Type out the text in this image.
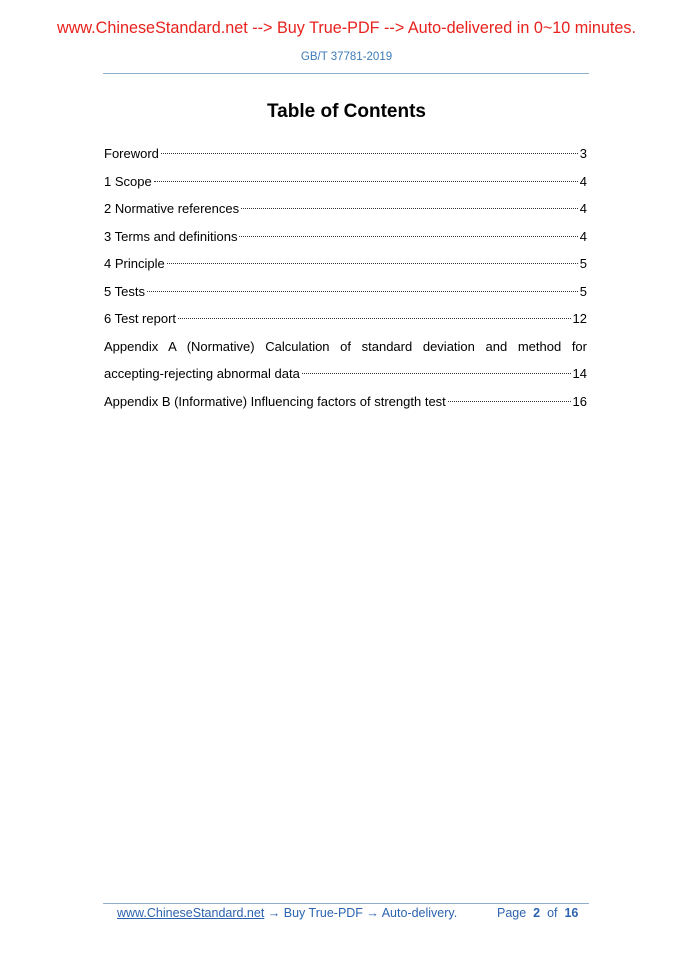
www.ChineseStandard.net --> Buy True-PDF --> Auto-delivered in 0~10 minutes.
GB/T 37781-2019
Table of Contents
Foreword	3
1 Scope	4
2 Normative references	4
3 Terms and definitions	4
4 Principle	5
5 Tests	5
6 Test report	12
Appendix A (Normative) Calculation of standard deviation and method for
accepting-rejecting abnormal data	14
Appendix B (Informative) Influencing factors of strength test	16
www.ChineseStandard.net → Buy True-PDF → Auto-delivery.	Page 2 of 16
